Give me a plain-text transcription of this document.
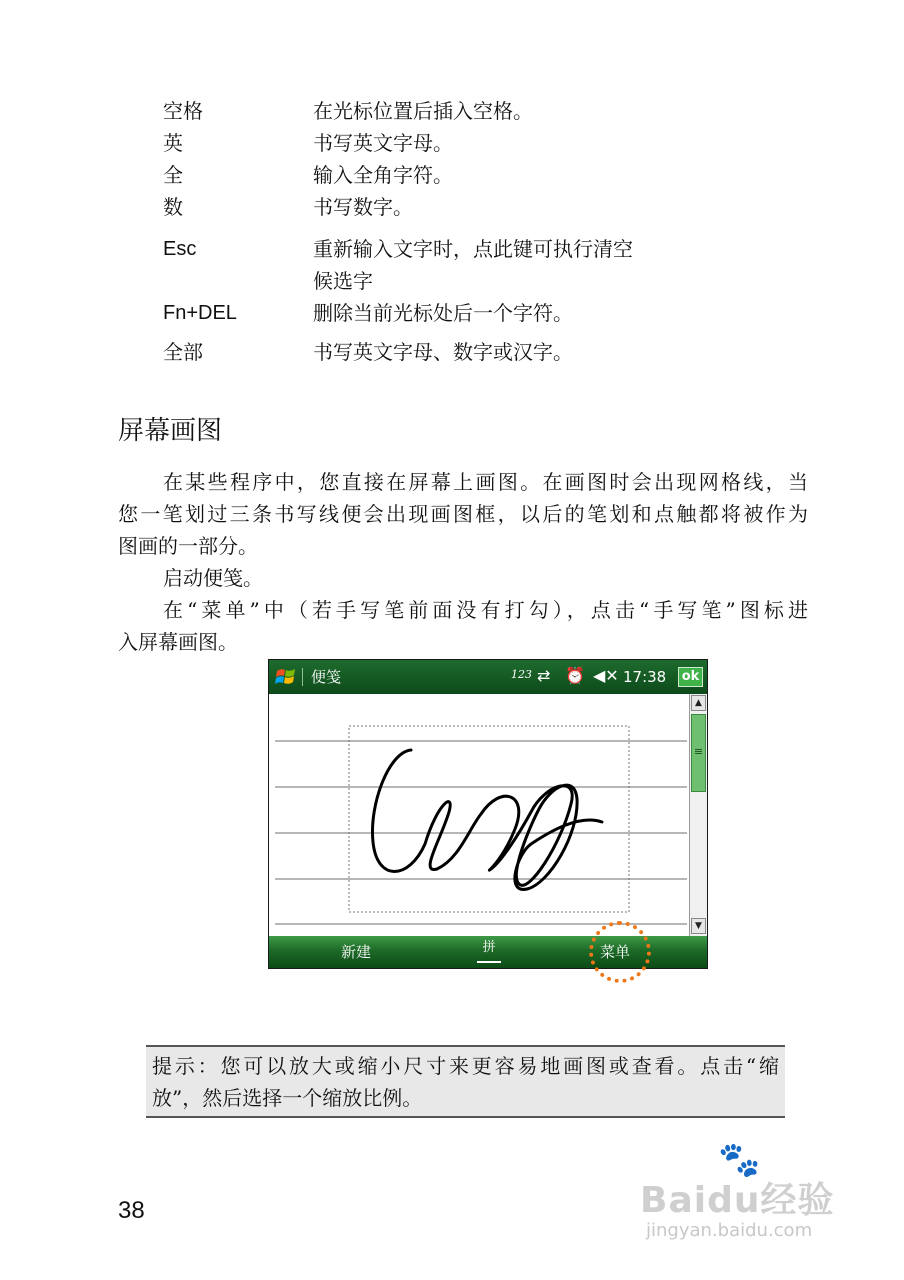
空格	在光标位置后插入空格。
英	书写英文字母。
全	输入全角字符。
数	书写数字。
Esc	重新输入文字时，点此键可执行清空
候选字
Fn+DEL	删除当前光标处后一个字符。
全部	书写英文字母、数字或汉字。
屏幕画图
在某些程序中，您直接在屏幕上画图。在画图时会出现网格线，当
您一笔划过三条书写线便会出现画图框，以后的笔划和点触都将被作为
图画的一部分。
启动便笺。
在“菜单”中（若手写笔前面没有打勾），点击“手写笔”图标进
入屏幕画图。
便笺	123 ⇄ ⏰ ◀✕ 17:38 ok
▲
≡
▼
新建	拼	菜单
提示：您可以放大或缩小尺寸来更容易地画图或查看。点击“缩
放”，然后选择一个缩放比例。
38
🐾
Baidu经验
jingyan.baidu.com
